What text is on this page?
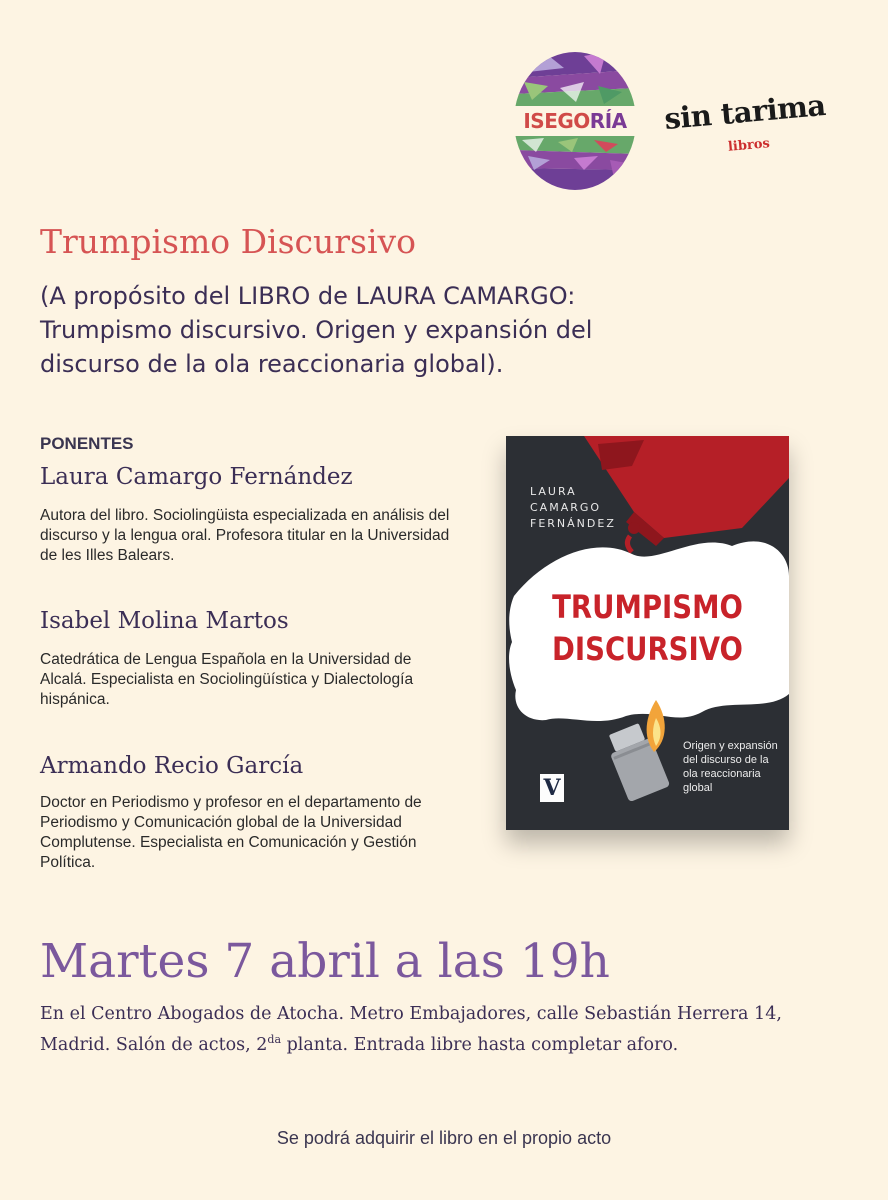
ISEGORÍA	sin tarima
libros
Trumpismo Discursivo

(A propósito del LIBRO de LAURA CAMARGO: Trumpismo discursivo. Origen y expansión del discurso de la ola reaccionaria global).

PONENTES
Laura Camargo Fernández

Autora del libro. Sociolingüista especializada en análisis del discurso y la lengua oral. Profesora titular en la Universidad de les Illes Balears.

Isabel Molina Martos

Catedrática de Lengua Española en la Universidad de Alcalá. Especialista en Sociolingüística y Dialectología hispánica.

Armando Recio García

Doctor en Periodismo y profesor en el departamento de Periodismo y Comunicación global de la Universidad Complutense. Especialista en Comunicación y Gestión Política.

LAURA
CAMARGO
FERNÁNDEZ
TRUMPISMO
DISCURSIVO
Origen y expansión del discurso de la ola reaccionaria global
V
Martes 7 abril a las 19h

En el Centro Abogados de Atocha. Metro Embajadores, calle Sebastián Herrera 14, Madrid. Salón de actos, $2^{da}$ planta. Entrada libre hasta completar aforo.

Se podrá adquirir el libro en el propio acto
